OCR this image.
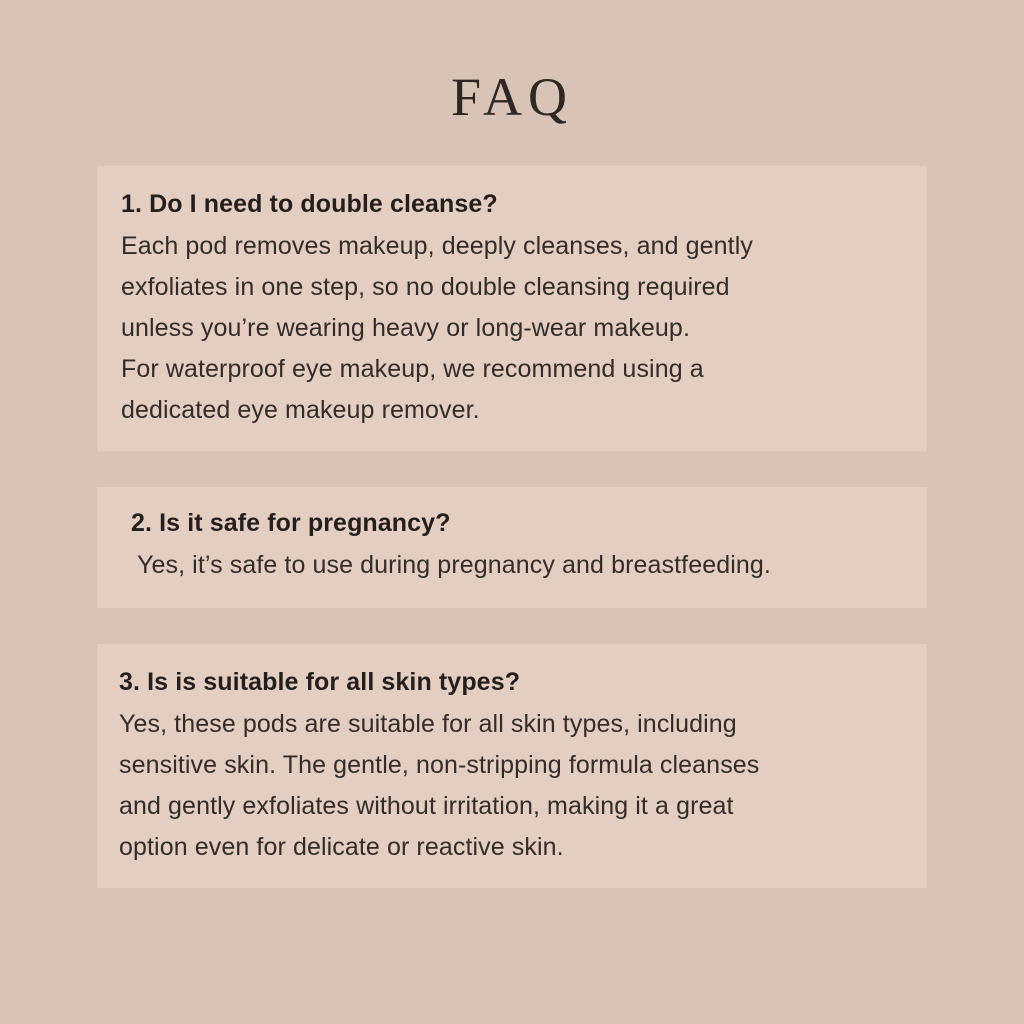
FAQ

1. Do I need to double cleanse?

Each pod removes makeup, deeply cleanses, and gently
exfoliates in one step, so no double cleansing required
unless you’re wearing heavy or long-wear makeup.
For waterproof eye makeup, we recommend using a
dedicated eye makeup remover.

2. Is it safe for pregnancy?

Yes, it’s safe to use during pregnancy and breastfeeding.

3. Is is suitable for all skin types?

Yes, these pods are suitable for all skin types, including
sensitive skin. The gentle, non-stripping formula cleanses
and gently exfoliates without irritation, making it a great
option even for delicate or reactive skin.
